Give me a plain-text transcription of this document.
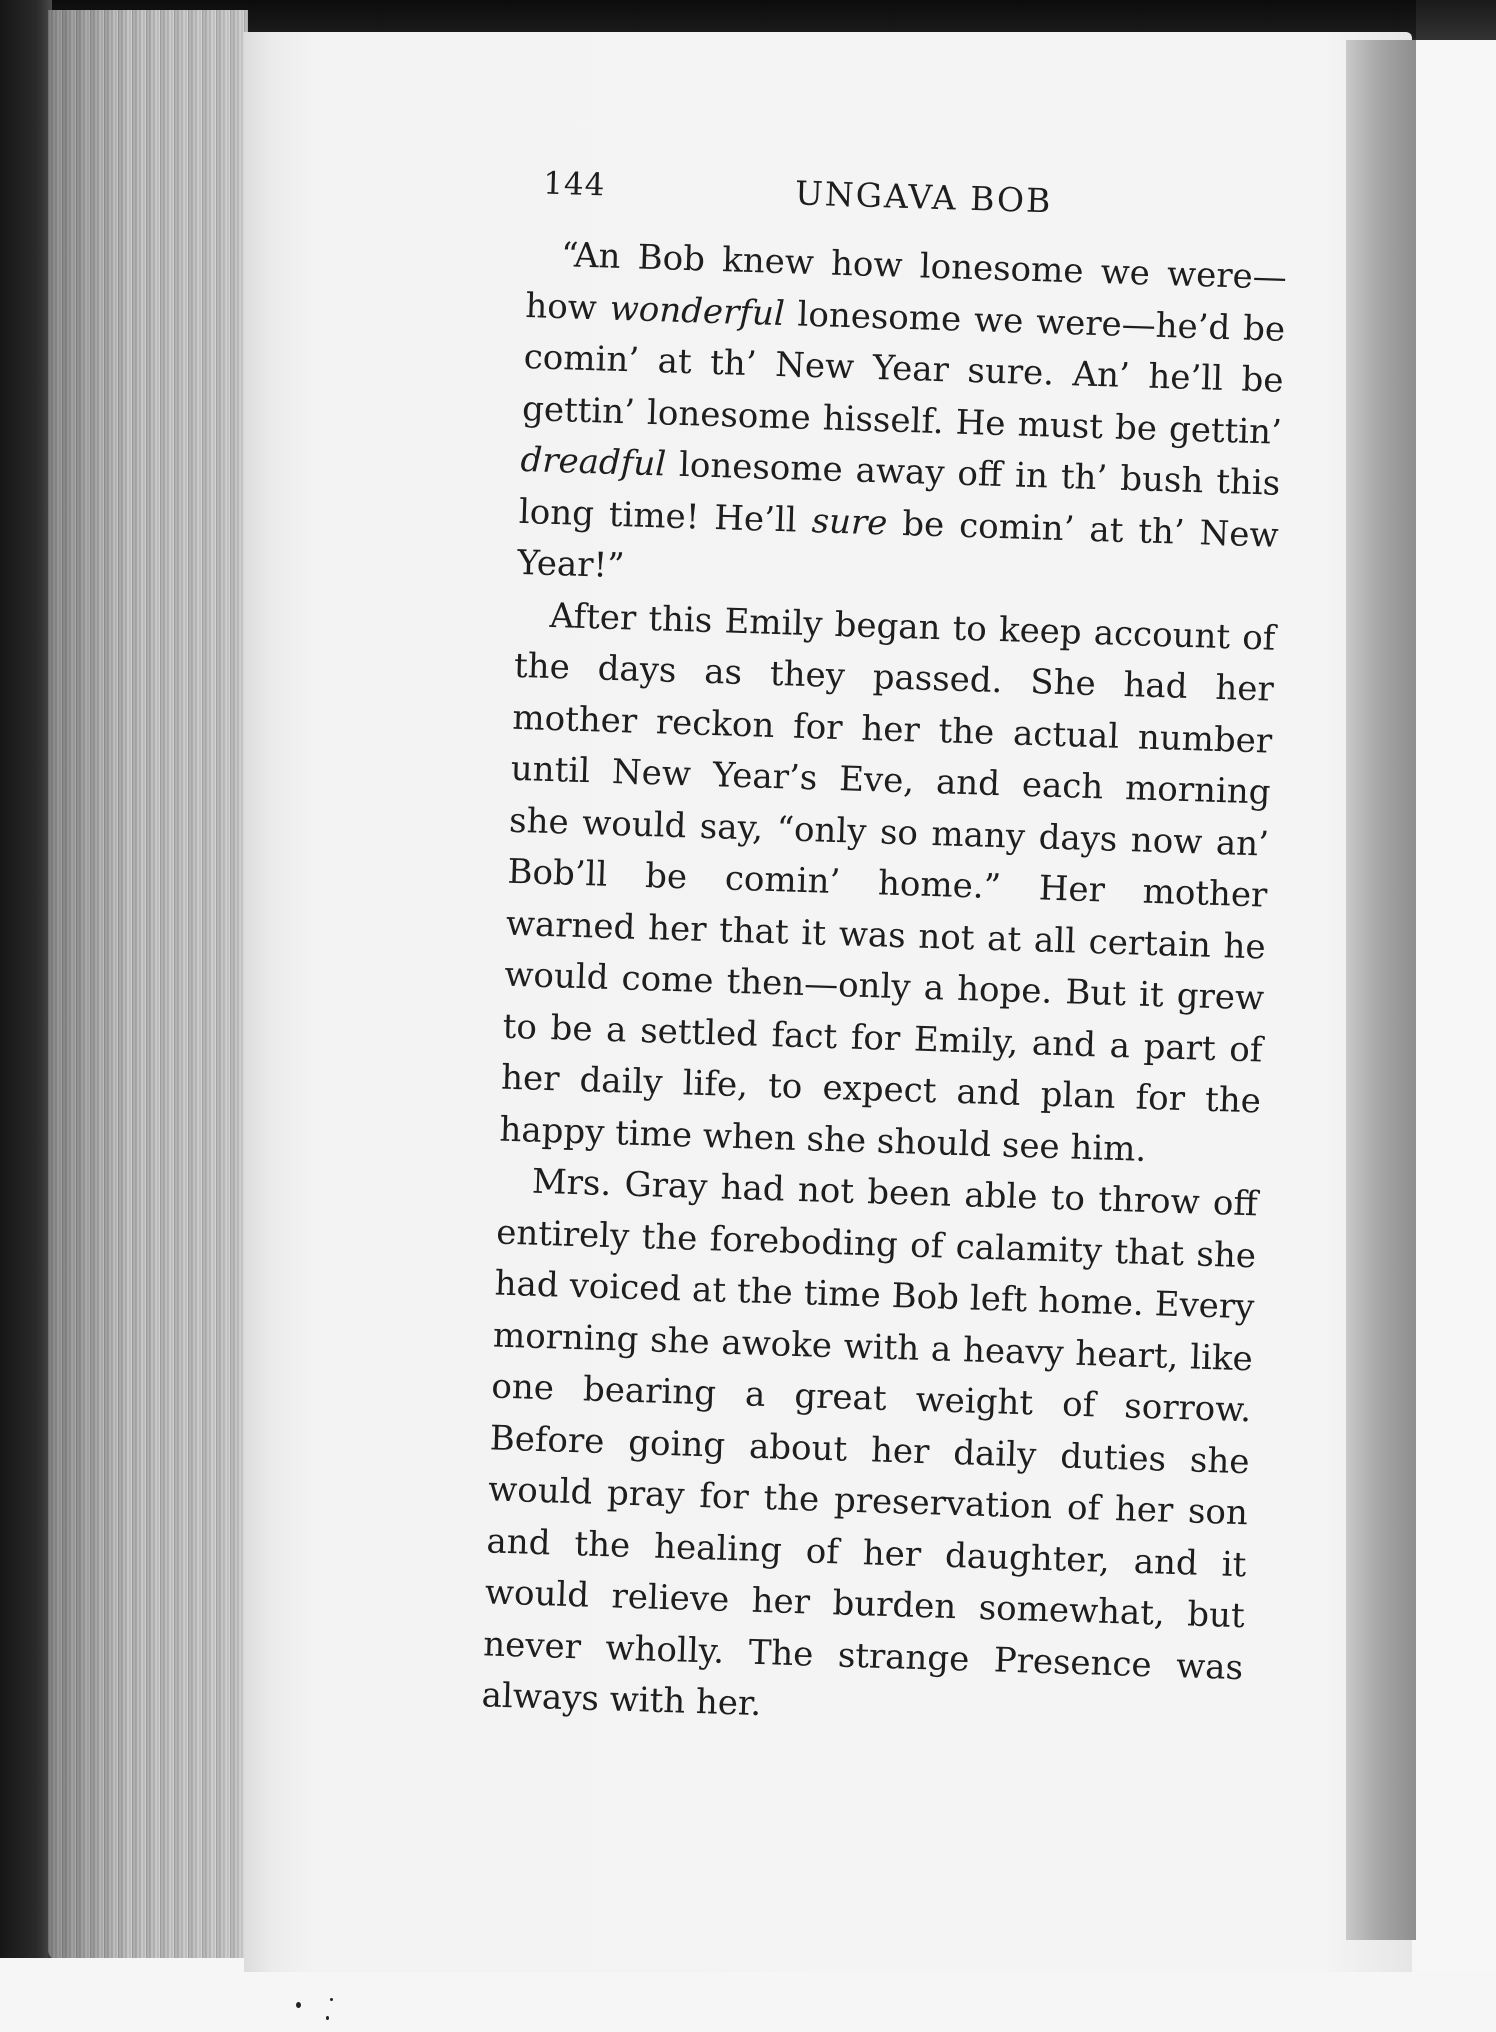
144	UNGAVA BOB

“An Bob knew how lonesome we were—how wonderful lonesome we were—he’d be comin’ at th’ New Year sure. An’ he’ll be gettin’ lonesome hisself. He must be gettin’ dreadful lonesome away off in th’ bush this long time! He’ll sure be comin’ at th’ New Year!”

After this Emily began to keep account of the days as they passed. She had her mother reckon for her the actual number until New Year’s Eve, and each morning she would say, “only so many days now an’ Bob’ll be comin’ home.” Her mother warned her that it was not at all certain he would come then—only a hope. But it grew to be a settled fact for Emily, and a part of her daily life, to expect and plan for the happy time when she should see him.

Mrs. Gray had not been able to throw off entirely the foreboding of calamity that she had voiced at the time Bob left home. Every morning she awoke with a heavy heart, like one bearing a great weight of sorrow. Before going about her daily duties she would pray for the preservation of her son and the healing of her daughter, and it would relieve her burden somewhat, but never wholly. The strange Presence was always with her.
